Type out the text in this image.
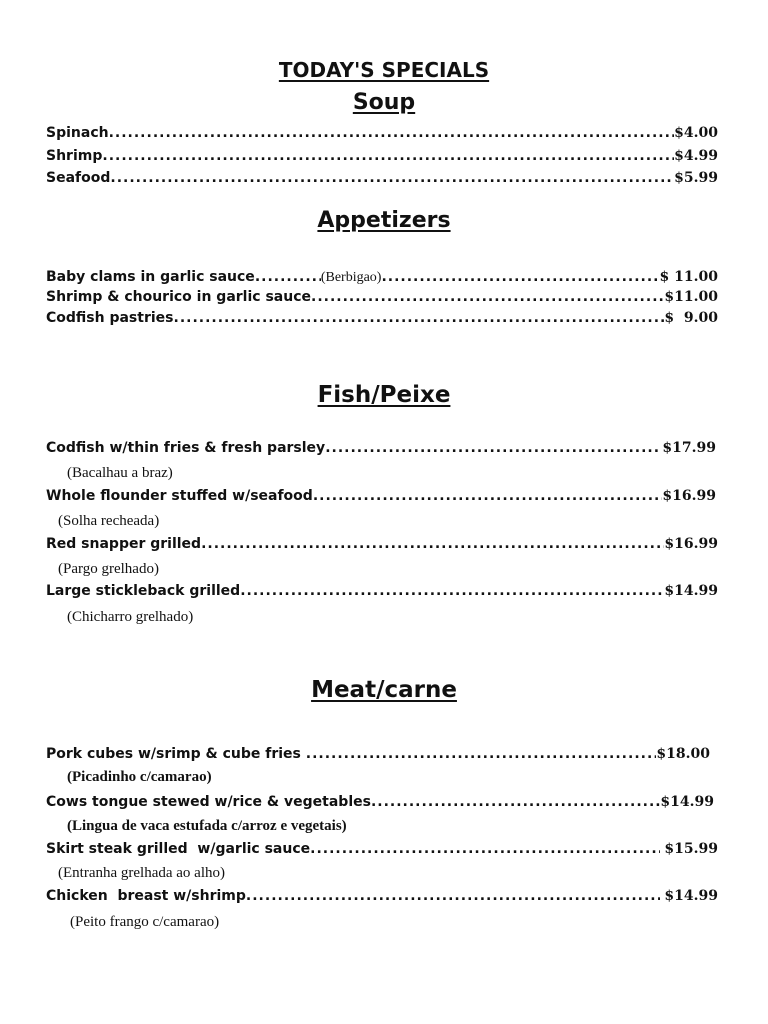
TODAY'S SPECIALS
Soup
Spinach .....	$4.00
Shrimp .....	$4.99
Seafood .....	$5.99
Appetizers
Baby clams in garlic sauce .....	(Berbigao) .....	$ 11.00
Shrimp & chourico in garlic sauce .....	$11.00
Codfish pastries .....	$  9.00
Fish/Peixe
Codfish w/thin fries & fresh parsley .....	$17.99
(Bacalhau a braz)
Whole flounder stuffed w/seafood .....	$16.99
(Solha recheada)
Red snapper grilled .....	$16.99
(Pargo grelhado)
Large stickleback grilled .....	$14.99
(Chicharro grelhado)
Meat/carne
Pork cubes w/srimp & cube fries .....	$18.00
(Picadinho c/camarao)
Cows tongue stewed w/rice & vegetables .....	$14.99
(Lingua de vaca estufada c/arroz e vegetais)
Skirt steak grilled  w/garlic sauce .....	$15.99
(Entranha grelhada ao alho)
Chicken  breast w/shrimp .....	$14.99
(Peito frango c/camarao)
